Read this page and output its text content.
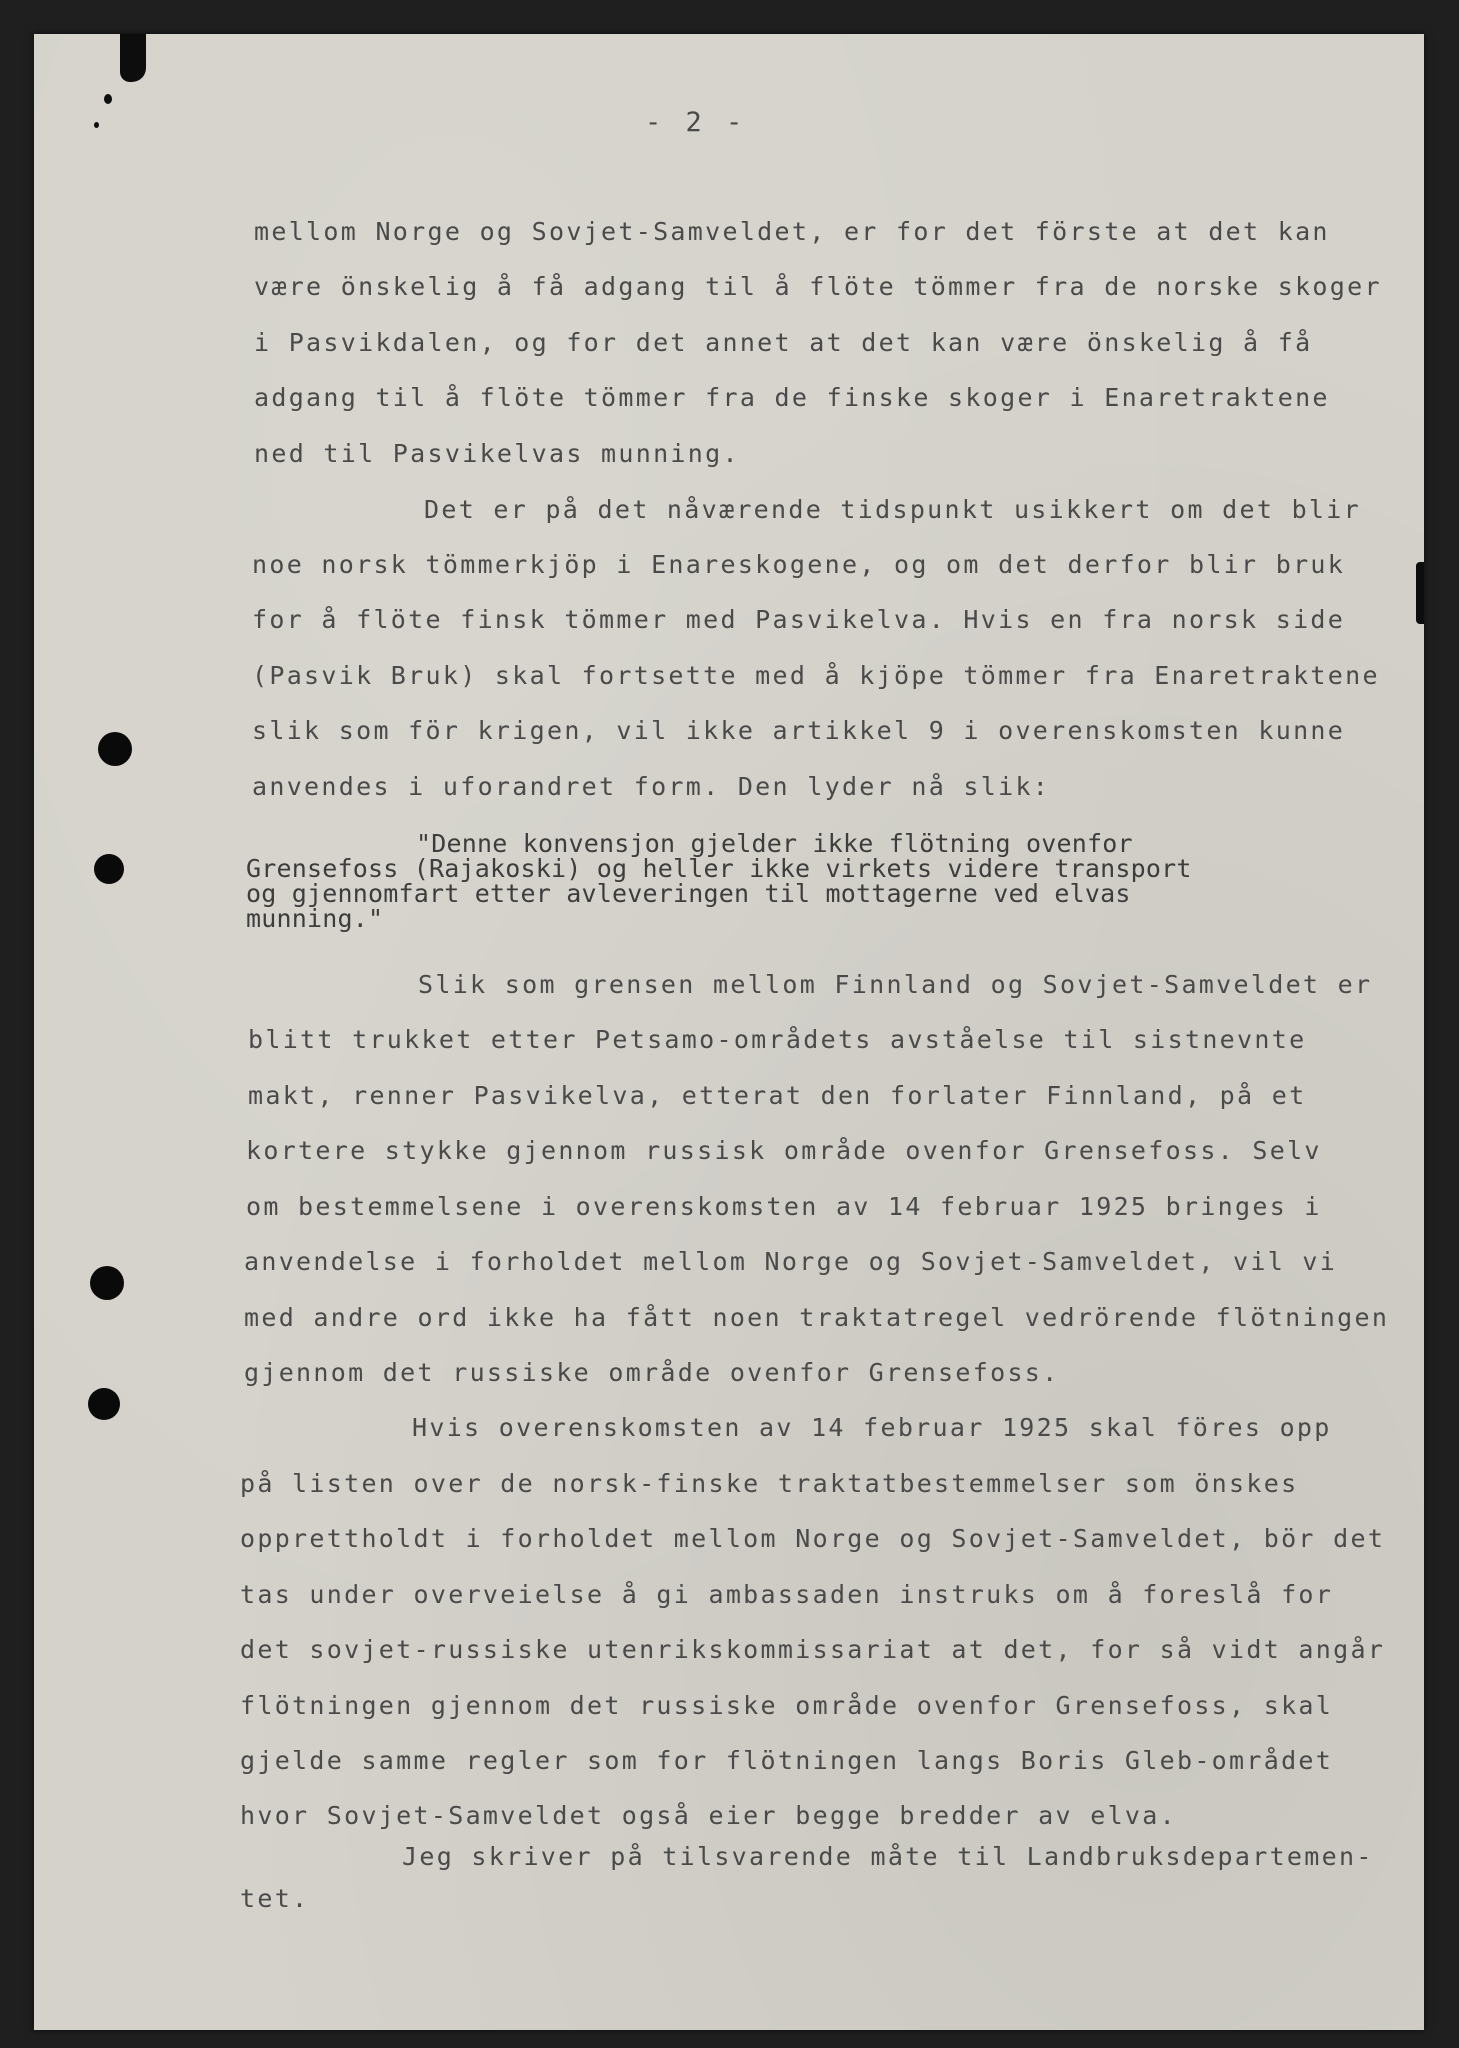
- 2 -
mellom Norge og Sovjet-Samveldet, er for det förste at det kan
være önskelig å få adgang til å flöte tömmer fra de norske skoger
i Pasvikdalen, og for det annet at det kan være önskelig å få
adgang til å flöte tömmer fra de finske skoger i Enaretraktene
ned til Pasvikelvas munning.
Det er på det nåværende tidspunkt usikkert om det blir
noe norsk tömmerkjöp i Enareskogene, og om det derfor blir bruk
for å flöte finsk tömmer med Pasvikelva. Hvis en fra norsk side
(Pasvik Bruk) skal fortsette med å kjöpe tömmer fra Enaretraktene
slik som för krigen, vil ikke artikkel 9 i overenskomsten kunne
anvendes i uforandret form. Den lyder nå slik:
"Denne konvensjon gjelder ikke flötning ovenfor
Grensefoss (Rajakoski) og heller ikke virkets videre transport
og gjennomfart etter avleveringen til mottagerne ved elvas
munning."
Slik som grensen mellom Finnland og Sovjet-Samveldet er
blitt trukket etter Petsamo-områdets avståelse til sistnevnte
makt, renner Pasvikelva, etterat den forlater Finnland, på et
kortere stykke gjennom russisk område ovenfor Grensefoss. Selv
om bestemmelsene i overenskomsten av 14 februar 1925 bringes i
anvendelse i forholdet mellom Norge og Sovjet-Samveldet, vil vi
med andre ord ikke ha fått noen traktatregel vedrörende flötningen
gjennom det russiske område ovenfor Grensefoss.
Hvis overenskomsten av 14 februar 1925 skal föres opp
på listen over de norsk-finske traktatbestemmelser som önskes
opprettholdt i forholdet mellom Norge og Sovjet-Samveldet, bör det
tas under overveielse å gi ambassaden instruks om å foreslå for
det sovjet-russiske utenrikskommissariat at det, for så vidt angår
flötningen gjennom det russiske område ovenfor Grensefoss, skal
gjelde samme regler som for flötningen langs Boris Gleb-området
hvor Sovjet-Samveldet også eier begge bredder av elva.
Jeg skriver på tilsvarende måte til Landbruksdepartemen-
tet.
